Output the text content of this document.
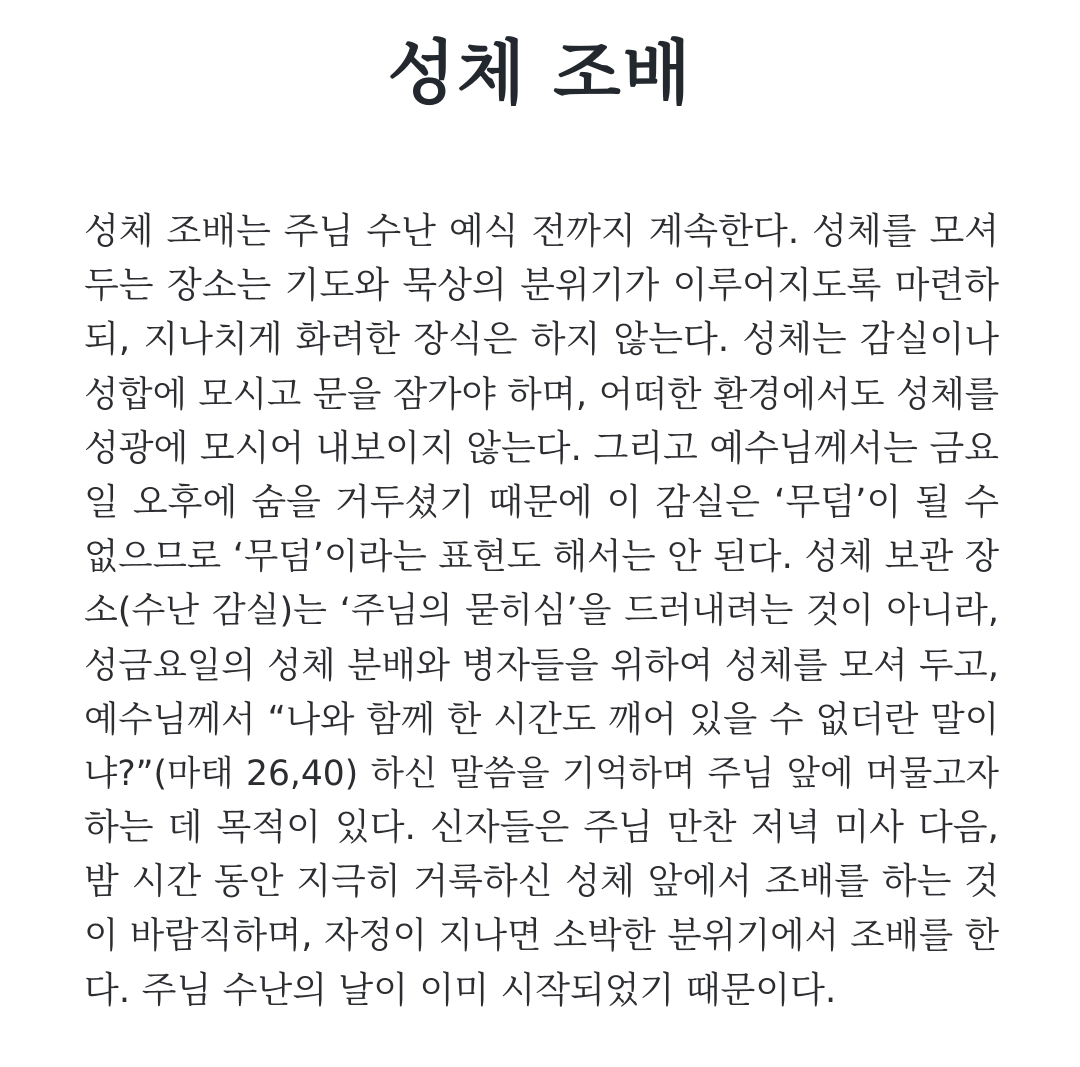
성체 조배
성체 조배는 주님 수난 예식 전까지 계속한다. 성체를 모셔
두는 장소는 기도와 묵상의 분위기가 이루어지도록 마련하
되, 지나치게 화려한 장식은 하지 않는다. 성체는 감실이나
성합에 모시고 문을 잠가야 하며, 어떠한 환경에서도 성체를
성광에 모시어 내보이지 않는다. 그리고 예수님께서는 금요
일 오후에 숨을 거두셨기 때문에 이 감실은 ‘무덤’이 될 수
없으므로 ‘무덤’이라는 표현도 해서는 안 된다. 성체 보관 장
소(수난 감실)는 ‘주님의 묻히심’을 드러내려는 것이 아니라,
성금요일의 성체 분배와 병자들을 위하여 성체를 모셔 두고,
예수님께서 “나와 함께 한 시간도 깨어 있을 수 없더란 말이
냐?”(마태 26,40) 하신 말씀을 기억하며 주님 앞에 머물고자
하는 데 목적이 있다. 신자들은 주님 만찬 저녁 미사 다음,
밤 시간 동안 지극히 거룩하신 성체 앞에서 조배를 하는 것
이 바람직하며, 자정이 지나면 소박한 분위기에서 조배를 한
다. 주님 수난의 날이 이미 시작되었기 때문이다.
